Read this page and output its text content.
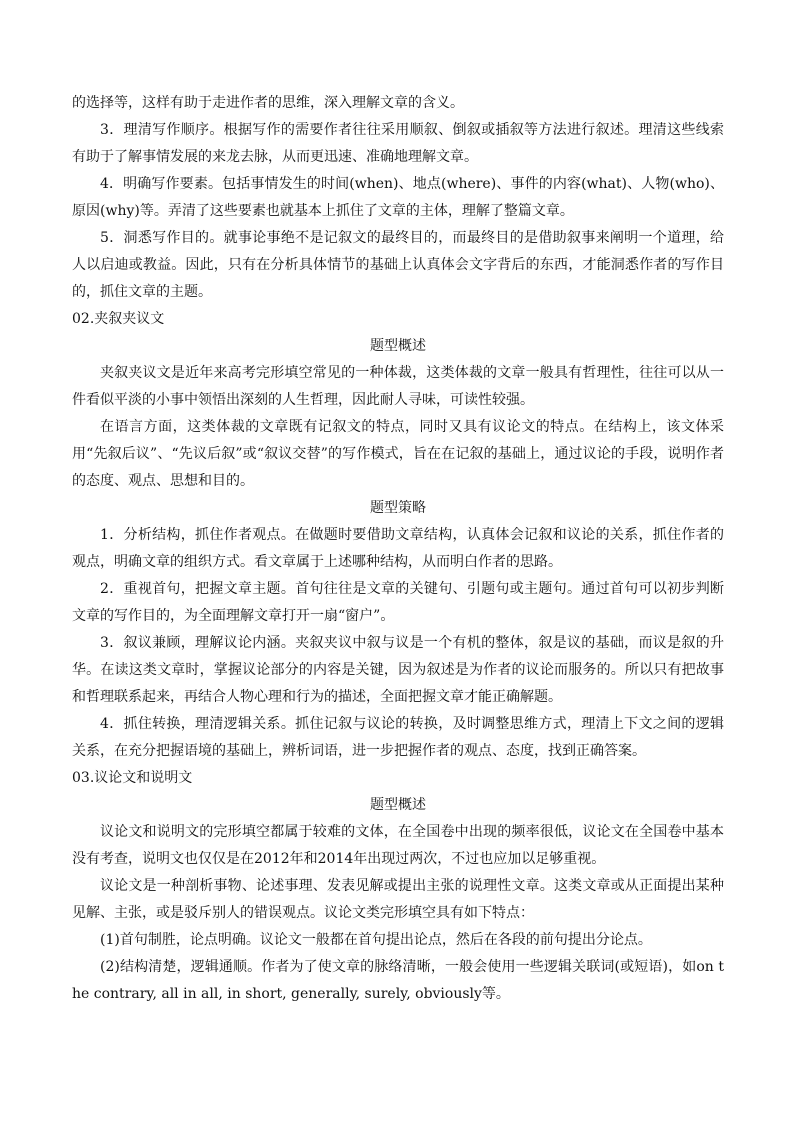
的选择等，这样有助于走进作者的思维，深入理解文章的含义。

3．理清写作顺序。根据写作的需要作者往往采用顺叙、倒叙或插叙等方法进行叙述。理清这些线索有助于了解事情发展的来龙去脉，从而更迅速、准确地理解文章。

4．明确写作要素。包括事情发生的时间(when)、地点(where)、事件的内容(what)、人物(who)、原因(why)等。弄清了这些要素也就基本上抓住了文章的主体，理解了整篇文章。

5．洞悉写作目的。就事论事绝不是记叙文的最终目的，而最终目的是借助叙事来阐明一个道理，给人以启迪或教益。因此，只有在分析具体情节的基础上认真体会文字背后的东西，才能洞悉作者的写作目的，抓住文章的主题。

02.夹叙夹议文

题型概述

夹叙夹议文是近年来高考完形填空常见的一种体裁，这类体裁的文章一般具有哲理性，往往可以从一件看似平淡的小事中领悟出深刻的人生哲理，因此耐人寻味，可读性较强。

在语言方面，这类体裁的文章既有记叙文的特点，同时又具有议论文的特点。在结构上，该文体采用“先叙后议”、“先议后叙”或“叙议交替”的写作模式，旨在在记叙的基础上，通过议论的手段，说明作者的态度、观点、思想和目的。

题型策略

1．分析结构，抓住作者观点。在做题时要借助文章结构，认真体会记叙和议论的关系，抓住作者的观点，明确文章的组织方式。看文章属于上述哪种结构，从而明白作者的思路。

2．重视首句，把握文章主题。首句往往是文章的关键句、引题句或主题句。通过首句可以初步判断文章的写作目的，为全面理解文章打开一扇“窗户”。

3．叙议兼顾，理解议论内涵。夹叙夹议中叙与议是一个有机的整体，叙是议的基础，而议是叙的升华。在读这类文章时，掌握议论部分的内容是关键，因为叙述是为作者的议论而服务的。所以只有把故事和哲理联系起来，再结合人物心理和行为的描述，全面把握文章才能正确解题。

4．抓住转换，理清逻辑关系。抓住记叙与议论的转换，及时调整思维方式，理清上下文之间的逻辑关系，在充分把握语境的基础上，辨析词语，进一步把握作者的观点、态度，找到正确答案。

03.议论文和说明文

题型概述

议论文和说明文的完形填空都属于较难的文体，在全国卷中出现的频率很低，议论文在全国卷中基本没有考查，说明文也仅仅是在2012年和2014年出现过两次，不过也应加以足够重视。

议论文是一种剖析事物、论述事理、发表见解或提出主张的说理性文章。这类文章或从正面提出某种见解、主张，或是驳斥别人的错误观点。议论文类完形填空具有如下特点：

(1)首句制胜，论点明确。议论文一般都在首句提出论点，然后在各段的前句提出分论点。

(2)结构清楚，逻辑通顺。作者为了使文章的脉络清晰，一般会使用一些逻辑关联词(或短语)，如on the contrary, all in all, in short, generally, surely, obviously等。
